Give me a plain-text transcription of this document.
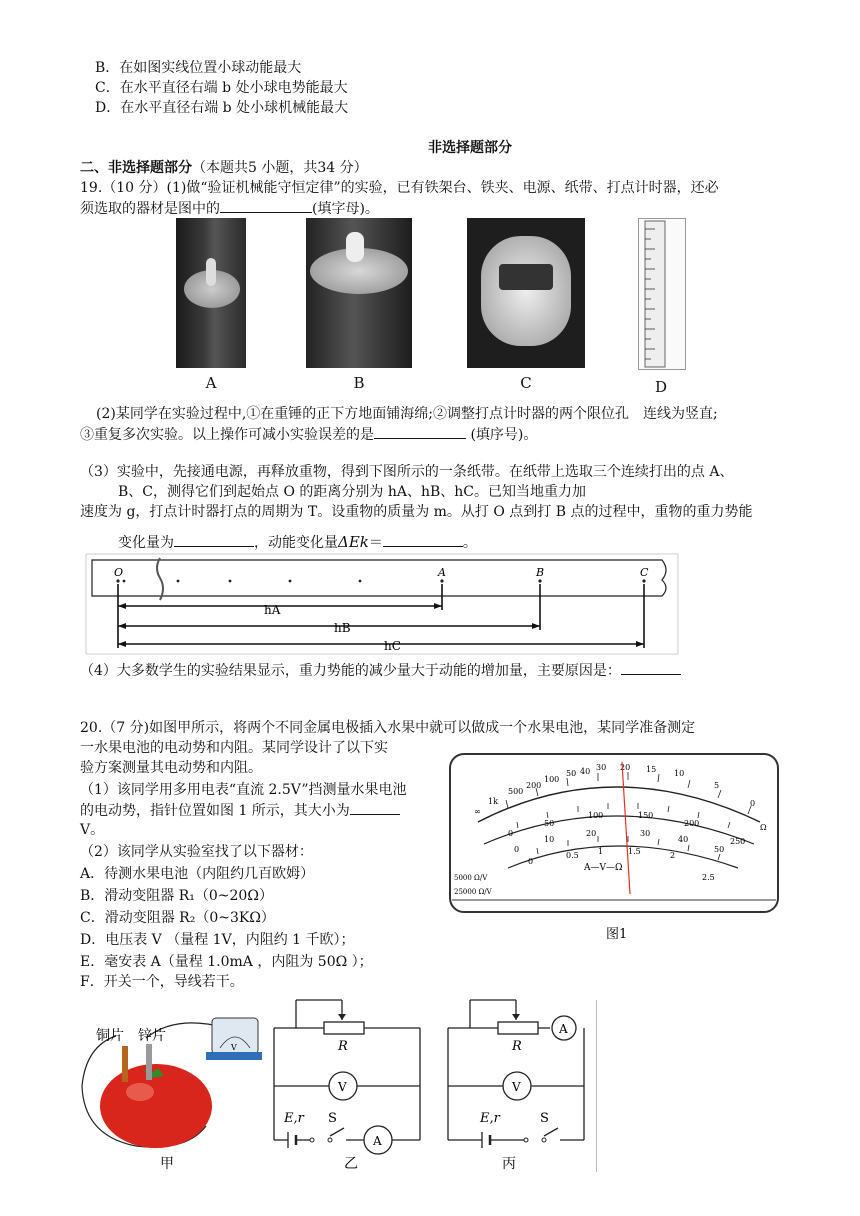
B．在如图实线位置小球动能最大
C．在水平直径右端 b 处小球电势能最大
D．在水平直径右端 b 处小球机械能最大
非选择题部分
二、非选择题部分（本题共5 小题，共34 分）
19.（10 分）(1)做“验证机械能守恒定律”的实验，已有铁架台、铁夹、电源、纸带、打点计时器，还必
须选取的器材是图中的	(填字母)。
A	B	C	D
(2)某同学在实验过程中,①在重锤的正下方地面铺海绵;②调整打点计时器的两个限位孔　连线为竖直;
③重复多次实验。以上操作可减小实验误差的是	(填序号)。
（3）实验中，先接通电源，再释放重物，得到下图所示的一条纸带。在纸带上选取三个连续打出的点 A、
B、C，测得它们到起始点 O 的距离分别为 hA、hB、hC。已知当地重力加
速度为 g，打点计时器打点的周期为 T。设重物的质量为 m。从打 O 点到打 B 点的过程中，重物的重力势能
变化量为	，动能变化量ΔEk＝	。
O	A	B	C
hA
hB
hC
（4）大多数学生的实验结果显示，重力势能的减少量大于动能的增加量，主要原因是：
20.（7 分)如图甲所示，将两个不同金属电极插入水果中就可以做成一个水果电池，某同学准备测定
一水果电池的电动势和内阻。某同学设计了以下实
验方案测量其电动势和内阻。
（1）该同学用多用电表“直流 2.5V”挡测量水果电池
的电动势，指针位置如图 1 所示，其大小为
V。
（2）该同学从实验室找了以下器材：
A．待测水果电池（内阻约几百欧姆）
B．滑动变阻器 R₁（0~20Ω）
C．滑动变阻器 R₂（0~3KΩ）
D．电压表 V （量程 1V，内阻约 1 千欧）；
E．毫安表 A（量程 1.0mA ，内阻为 50Ω ）；
F．开关一个，导线若干。
500
200
100
50 40 30 20 15 10
5
0
∞
1k
Ω
0
50
100	150
200
250
0
10
20	30
40
50
0
0.5 1	1.5	2
2.5
A—V—Ω
5000 Ω/V
25000 Ω/V
图1
V
铜片 锌片
甲
R
V
A
E,r S
乙
R
V
A
E,r	S
丙
